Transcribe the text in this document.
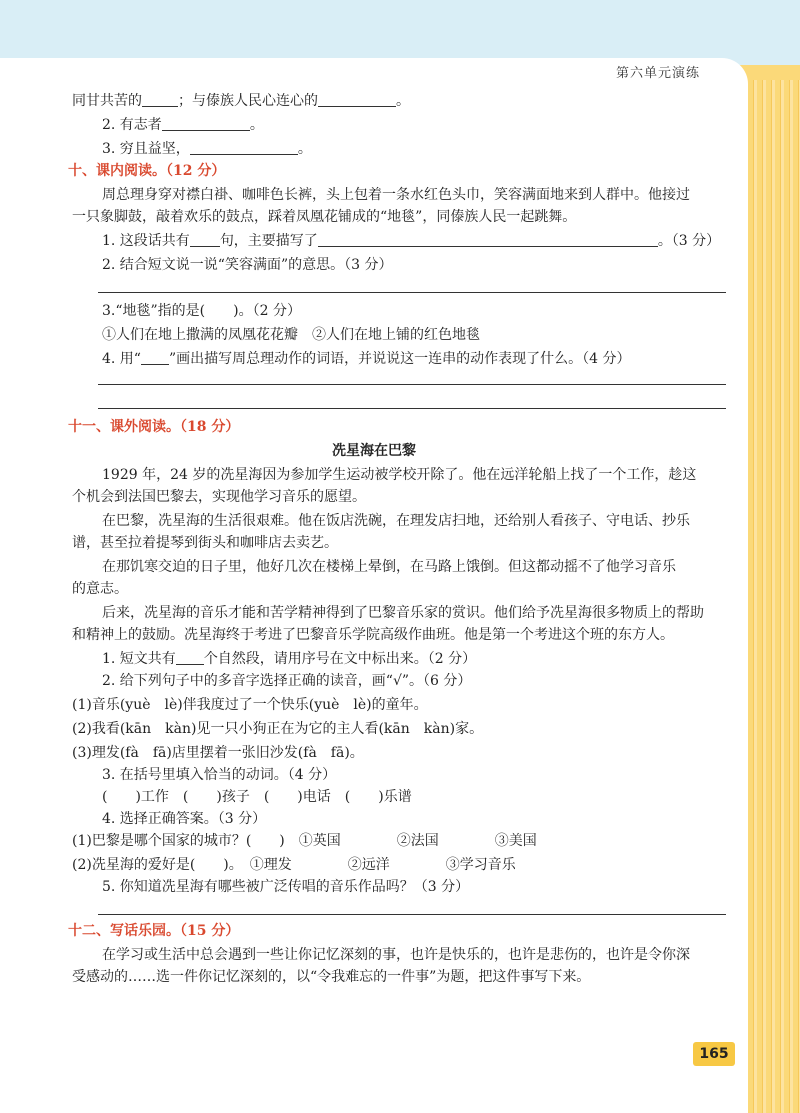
第六单元演练
同甘共苦的	；与傣族人民心连心的	。
2. 有志者	。
3. 穷且益坚，	。
十、课内阅读。（12 分）
周总理身穿对襟白褂、咖啡色长裤，头上包着一条水红色头巾，笑容满面地来到人群中。他接过
一只象脚鼓，敲着欢乐的鼓点，踩着凤凰花铺成的“地毯”，同傣族人民一起跳舞。
1. 这段话共有 句，主要描写了	。（3 分）
2. 结合短文说一说“笑容满面”的意思。（3 分）
3.“地毯”指的是(　　)。（2 分）
①人们在地上撒满的凤凰花花瓣　②人们在地上铺的红色地毯
4. 用“ ”画出描写周总理动作的词语，并说说这一连串的动作表现了什么。（4 分）
十一、课外阅读。（18 分）
冼星海在巴黎
1929 年，24 岁的冼星海因为参加学生运动被学校开除了。他在远洋轮船上找了一个工作，趁这
个机会到法国巴黎去，实现他学习音乐的愿望。
在巴黎，冼星海的生活很艰难。他在饭店洗碗，在理发店扫地，还给别人看孩子、守电话、抄乐
谱，甚至拉着提琴到街头和咖啡店去卖艺。
在那饥寒交迫的日子里，他好几次在楼梯上晕倒，在马路上饿倒。但这都动摇不了他学习音乐
的意志。
后来，冼星海的音乐才能和苦学精神得到了巴黎音乐家的赏识。他们给予冼星海很多物质上的帮助
和精神上的鼓励。冼星海终于考进了巴黎音乐学院高级作曲班。他是第一个考进这个班的东方人。
1. 短文共有 个自然段，请用序号在文中标出来。（2 分）
2. 给下列句子中的多音字选择正确的读音，画“√”。（6 分）
(1)音乐(yuè　lè)伴我度过了一个快乐(yuè　lè)的童年。
(2)我看(kān　kàn)见一只小狗正在为它的主人看(kān　kàn)家。
(3)理发(fà　fā)店里摆着一张旧沙发(fà　fā)。
3. 在括号里填入恰当的动词。（4 分）
(　　)工作　(　　)孩子　(　　)电话　(　　)乐谱
4. 选择正确答案。（3 分）
(1)巴黎是哪个国家的城市？(　　)　①英国　　　　②法国　　　　③美国
(2)冼星海的爱好是(　　)。　①理发　　　　②远洋　　　　③学习音乐
5. 你知道冼星海有哪些被广泛传唱的音乐作品吗？（3 分）
十二、写话乐园。（15 分）
在学习或生活中总会遇到一些让你记忆深刻的事，也许是快乐的，也许是悲伤的，也许是令你深
受感动的……选一件你记忆深刻的，以“令我难忘的一件事”为题，把这件事写下来。
165
